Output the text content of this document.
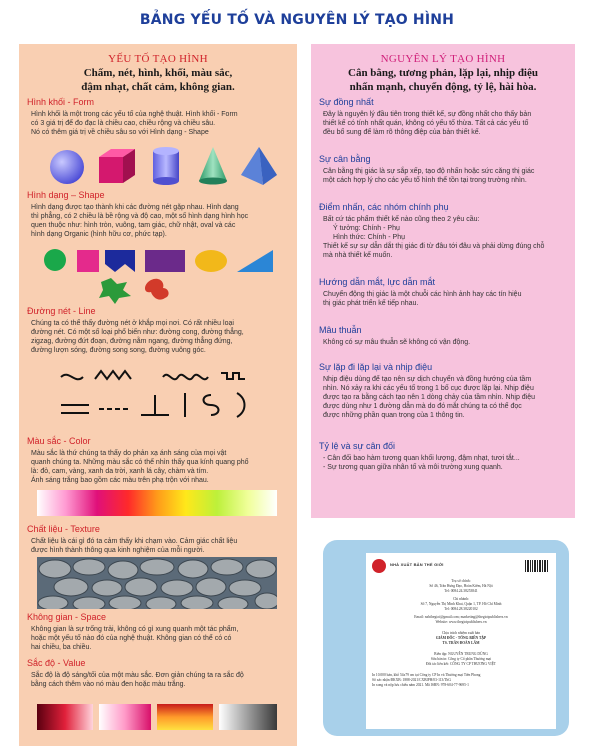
BẢNG YẾU TỐ VÀ NGUYÊN LÝ TẠO HÌNH
YẾU TỐ TẠO HÌNH
Chấm, nét, hình, khối, màu sắc,
đậm nhạt, chất cảm, không gian.
Hình khối - Form
Hình khối là một trong các yếu tố của nghệ thuật. Hình khối - Form
có 3 giá trị để đo đạc là chiều cao, chiều rộng và chiều sâu.
Nó có thêm giá trị về chiều sâu so với Hình dạng - Shape
Hình dạng – Shape
Hình dạng được tạo thành khi các đường nét gặp nhau. Hình dạng
thì phẳng, có 2 chiều là bề rộng và độ cao, một số hình dạng hình học
quen thuộc như: hình tròn, vuông, tam giác, chữ nhật, oval và các
hình dạng Organic (hình hữu cơ, phức tạp).
Đường nét - Line
Chúng ta có thể thấy đường nét ở khắp mọi nơi. Có rất nhiều loại
đường nét. Có một số loại phổ biến như: đường cong, đường thẳng,
zigzag, đường đứt đoạn, đường nằm ngang, đường thẳng đứng,
đường lượn sóng, đường song song, đường vuông góc.
Màu sắc - Color
Màu sắc là thứ chúng ta thấy do phản xạ ánh sáng của mọi vật
quanh chúng ta. Những màu sắc có thể nhìn thấy qua kính quang phổ
là: đỏ, cam, vàng, xanh da trời, xanh lá cây, chàm và tím.
Ánh sáng trắng bao gồm các màu trên phạ trộn với nhau.
Chất liệu - Texture
Chất liệu là cái gì đó ta cảm thấy khi chạm vào. Cảm giác chất liệu
được hình thành thông qua kinh nghiệm của mỗi người.
Không gian - Space
Không gian là sự trống trải, không có gì xung quanh một tác phẩm,
hoặc một yếu tố nào đó của nghệ thuật. Không gian có thể có có
hai chiều, ba chiều.
Sắc độ - Value
Sắc độ là độ sáng/tối của một màu sắc. Đơn giản chúng ta ra sắc độ
bằng cách thêm vào nó màu đen hoặc màu trắng.
NGUYÊN LÝ TẠO HÌNH
Cân bằng, tương phản, lặp lại, nhịp điệu
nhấn mạnh, chuyển động, tỷ lệ, hài hòa.
Sự đồng nhất
Đây là nguyên lý đầu tiên trong thiết kế, sự đồng nhất cho thấy bản
thiết kế có tính nhất quán, không có yếu tố thừa. Tất cả các yếu tố
đều bổ sung để làm rõ thông điệp của bản thiết kế.
Sự cân bằng
Cân bằng thị giác là sự sắp xếp, tạo độ nhấn hoặc sức căng thị giác
một cách hợp lý cho các yếu tố hình thể tồn tại trong trường nhìn.
Điểm nhấn, các nhóm chính phụ
Bất cứ tác phẩm thiết kế nào cũng theo 2 yêu cầu:
Ý tưởng: Chính - Phụ
Hình thức: Chính - Phụ
Thiết kế sự sự dẫn dắt thị giác đi từ đâu tới đâu và phải dừng đúng chỗ
mà nhà thiết kế muốn.
Hướng dẫn mắt, lực dẫn mắt
Chuyển động thị giác là một chuỗi các hình ảnh hay các tín hiệu
thị giác phát triển kế tiếp nhau.
Mâu thuẫn
Không có sự mâu thuẫn sẽ không có vận động.
Sự lặp đi lặp lại và nhịp điệu
Nhịp điệu dùng để tạo nên sự dịch chuyển và đồng hướng của tầm
nhìn. Nó xảy ra khi các yếu tố trong 1 bố cục được lặp lại. Nhịp điệu
được tạo ra bằng cách tạo nên 1 dòng chảy của tầm nhìn. Nhịp điệu
được dùng như 1 đường dẫn mà do đó mắt chúng ta có thể đọc
được những phần quan trọng của 1 thông tin.
Tỷ lệ và sự cân đối
- Cân đối bao hàm tương quan khối lượng, đậm nhạt, tươi tắt...
- Sự tương quan giữa nhân tố và môi trường xung quanh.
NHÀ XUẤT BẢN THẾ GIỚI
Trụ sở chính:
Số 46, Trần Hưng Đạo, Hoàn Kiếm, Hà Nội
Tel: 0084.24.38253841
Chi nhánh:
Số 7, Nguyễn Thị Minh Khai, Quận 1, TP. Hồ Chí Minh
Tel: 0084.28.38220102
Email: nxbthegioi@gmail.com; marketing@thegioipublishers.vn
Website: www.thegioipublishers.vn
Chịu trách nhiệm xuất bản
GIÁM ĐỐC - TỔNG BIÊN TẬP
TS. TRẦN ĐOÀN LÂM
Biên tập: NGUYỄN TRUNG DŨNG
Sửa bản in: Công ty Cổ phần Thương mại
Đối tác liên kết: CÔNG TY CP THƯƠNG VIỆT
In 10.000 bản, khổ 54x79 cm tại Công ty CP In và Thương mại Tiến Phong
Số xác nhận ĐKXB: 1888-2021/CXBIPH/03-113/ThG
In xong và nộp lưu chiểu năm 2021. Mã ISBN: 978-604-77-9695-1
